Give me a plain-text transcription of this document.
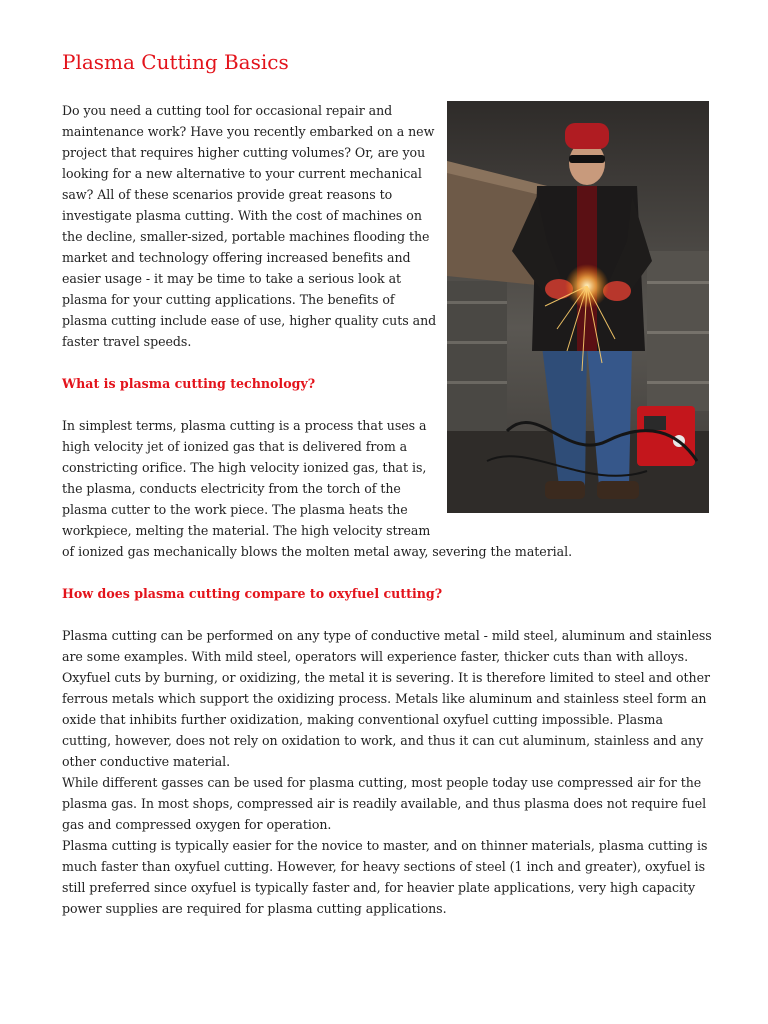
Plasma Cutting Basics

Do you need a cutting tool for occasional repair and maintenance work? Have you recently embarked on a new project that requires higher cutting volumes? Or, are you looking for a new alternative to your current mechanical saw? All of these scenarios provide great reasons to investigate plasma cutting. With the cost of machines on the decline, smaller-sized, portable machines flooding the market and technology offering increased benefits and easier usage - it may be time to take a serious look at plasma for your cutting applications. The benefits of plasma cutting include ease of use, higher quality cuts and faster travel speeds.

What is plasma cutting technology?

In simplest terms, plasma cutting is a process that uses a high velocity jet of ionized gas that is delivered from a constricting orifice. The high velocity ionized gas, that is, the plasma, conducts electricity from the torch of the plasma cutter to the work piece. The plasma heats the workpiece, melting the material. The high velocity stream of ionized gas mechanically blows the molten metal away, severing the material.

How does plasma cutting compare to oxyfuel cutting?

Plasma cutting can be performed on any type of conductive metal - mild steel, aluminum and stainless are some examples. With mild steel, operators will experience faster, thicker cuts than with alloys.

Oxyfuel cuts by burning, or oxidizing, the metal it is severing. It is therefore limited to steel and other ferrous metals which support the oxidizing process. Metals like aluminum and stainless steel form an oxide that inhibits further oxidization, making conventional oxyfuel cutting impossible. Plasma cutting, however, does not rely on oxidation to work, and thus it can cut aluminum, stainless and any other conductive material.

While different gasses can be used for plasma cutting, most people today use compressed air for the plasma gas. In most shops, compressed air is readily available, and thus plasma does not require fuel gas and compressed oxygen for operation.

Plasma cutting is typically easier for the novice to master, and on thinner materials, plasma cutting is much faster than oxyfuel cutting. However, for heavy sections of steel (1 inch and greater), oxyfuel is still preferred since oxyfuel is typically faster and, for heavier plate applications, very high capacity power supplies are required for plasma cutting applications.
